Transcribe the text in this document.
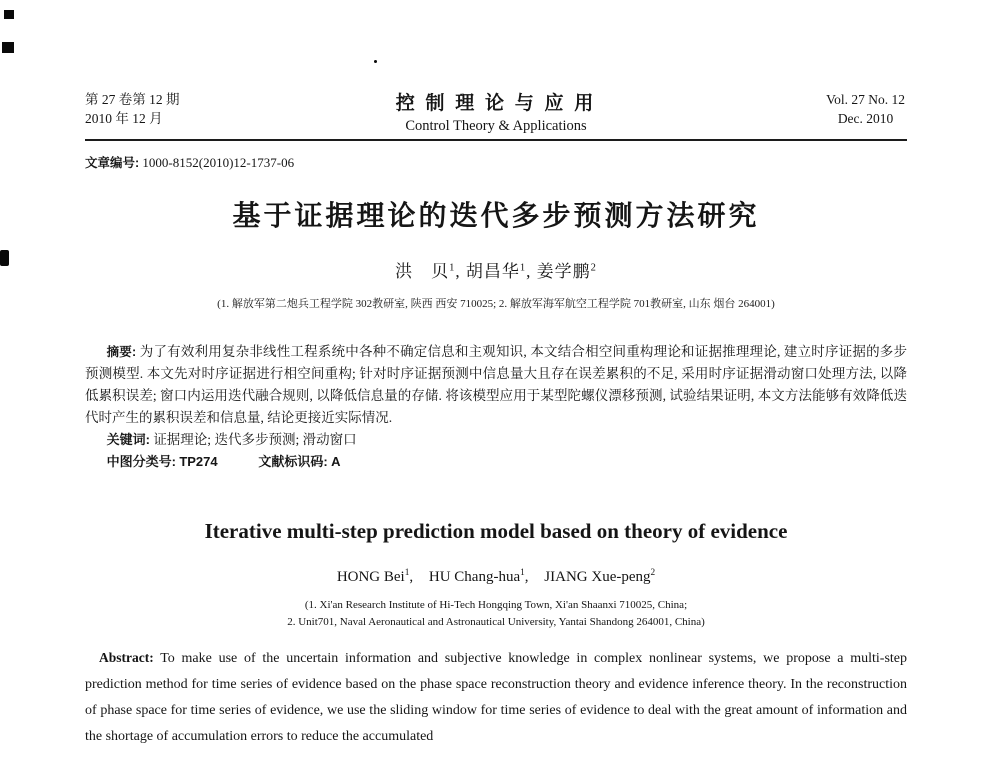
第 27 卷第 12 期
2010 年 12 月
控 制 理 论 与 应 用
Control Theory & Applications
Vol. 27 No. 12
Dec. 2010
文章编号: 1000-8152(2010)12-1737-06
基于证据理论的迭代多步预测方法研究
洪　贝$^1$, 胡昌华$^1$, 姜学鹏$^2$
(1. 解放军第二炮兵工程学院 302教研室, 陕西 西安 710025; 2. 解放军海军航空工程学院 701教研室, 山东 烟台 264001)

摘要: 为了有效利用复杂非线性工程系统中各种不确定信息和主观知识, 本文结合相空间重构理论和证据推理理论, 建立时序证据的多步预测模型. 本文先对时序证据进行相空间重构; 针对时序证据预测中信息量大且存在误差累积的不足, 采用时序证据滑动窗口处理方法, 以降低累积误差; 窗口内运用迭代融合规则, 以降低信息量的存储. 将该模型应用于某型陀螺仪漂移预测, 试验结果证明, 本文方法能够有效降低迭代时产生的累积误差和信息量, 结论更接近实际情况.

关键词: 证据理论; 迭代多步预测; 滑动窗口
中图分类号: TP274	文献标识码: A
Iterative multi-step prediction model based on theory of evidence
HONG Bei$^1$, HU Chang-hua$^1$, JIANG Xue-peng$^2$
(1. Xi'an Research Institute of Hi-Tech Hongqing Town, Xi'an Shaanxi 710025, China;
2. Unit701, Naval Aeronautical and Astronautical University, Yantai Shandong 264001, China)

Abstract: To make use of the uncertain information and subjective knowledge in complex nonlinear systems, we propose a multi-step prediction method for time series of evidence based on the phase space reconstruction theory and evidence inference theory. In the reconstruction of phase space for time series of evidence, we use the sliding window for time series of evidence to deal with the great amount of information and the shortage of accumulation errors to reduce the accumulated
